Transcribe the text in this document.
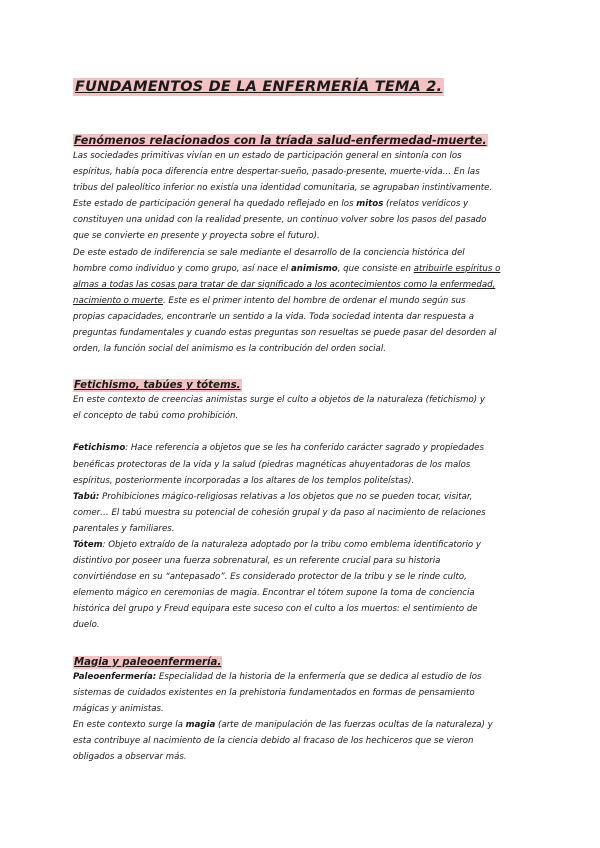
FUNDAMENTOS DE LA ENFERMERÍA TEMA 2.
Fenómenos relacionados con la tríada salud-enfermedad-muerte.

Las sociedades primitivas vivían en un estado de participación general en sintonía con los

espíritus, había poca diferencia entre despertar-sueño, pasado-presente, muerte-vida… En las

tribus del paleolítico inferior no existía una identidad comunitaria, se agrupaban instintivamente.

Este estado de participación general ha quedado reflejado en los mitos (relatos verídicos y

constituyen una unidad con la realidad presente, un continuo volver sobre los pasos del pasado

que se convierte en presente y proyecta sobre el futuro).

De este estado de indiferencia se sale mediante el desarrollo de la conciencia histórica del

hombre como individuo y como grupo, así nace el animismo, que consiste en atribuirle espíritus o

almas a todas las cosas para tratar de dar significado a los acontecimientos como la enfermedad,

nacimiento o muerte. Este es el primer intento del hombre de ordenar el mundo según sus

propias capacidades, encontrarle un sentido a la vida. Toda sociedad intenta dar respuesta a

preguntas fundamentales y cuando estas preguntas son resueltas se puede pasar del desorden al

orden, la función social del animismo es la contribución del orden social.

Fetichismo, tabúes y tótems.

En este contexto de creencias animistas surge el culto a objetos de la naturaleza (fetichismo) y

el concepto de tabú como prohibición.

Fetichismo: Hace referencia a objetos que se les ha conferido carácter sagrado y propiedades

benéficas protectoras de la vida y la salud (piedras magnéticas ahuyentadoras de los malos

espíritus, posteriormente incorporadas a los altares de los templos politeístas).

Tabú: Prohibiciones mágico-religiosas relativas a los objetos que no se pueden tocar, visitar,

comer… El tabú muestra su potencial de cohesión grupal y da paso al nacimiento de relaciones

parentales y familiares.

Tótem: Objeto extraído de la naturaleza adoptado por la tribu como emblema identificatorio y

distintivo por poseer una fuerza sobrenatural, es un referente crucial para su historia

convirtiéndose en su “antepasado”. Es considerado protector de la tribu y se le rinde culto,

elemento mágico en ceremonias de magia. Encontrar el tótem supone la toma de conciencia

histórica del grupo y Freud equipara este suceso con el culto a los muertos: el sentimiento de

duelo.

Magia y paleoenfermería.

Paleoenfermería: Especialidad de la historia de la enfermería que se dedica al estudio de los

sistemas de cuidados existentes en la prehistoria fundamentados en formas de pensamiento

mágicas y animistas.

En este contexto surge la magia (arte de manipulación de las fuerzas ocultas de la naturaleza) y

esta contribuye al nacimiento de la ciencia debido al fracaso de los hechiceros que se vieron

obligados a observar más.
